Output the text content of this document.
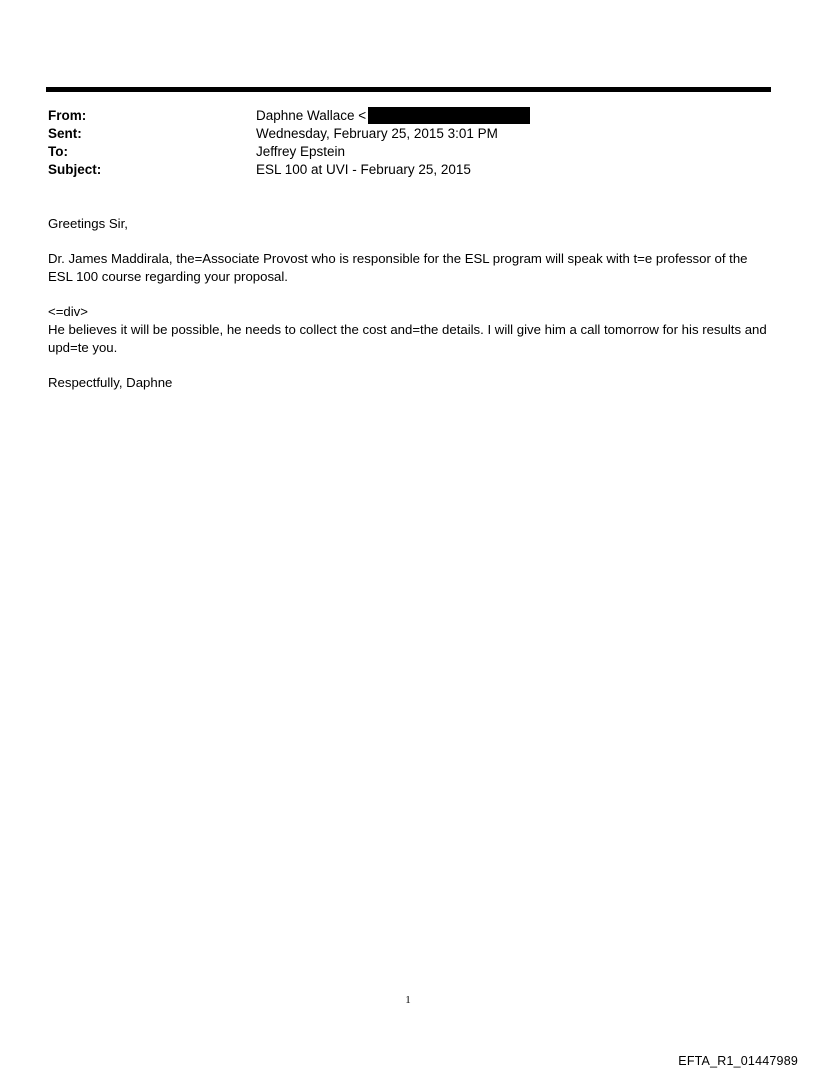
From:	Daphne Wallace <
Sent:	Wednesday, February 25, 2015 3:01 PM
To:	Jeffrey Epstein
Subject:	ESL 100 at UVI - February 25, 2015

Greetings Sir,

Dr. James Maddirala, the=Associate Provost who is responsible for the ESL program will speak with t=e professor of the ESL 100 course regarding your proposal.

<=div>

He believes it will be possible, he needs to collect the cost and=the details. I will give him a call tomorrow for his results and upd=te you.

Respectfully, Daphne

1
EFTA_R1_01447989
